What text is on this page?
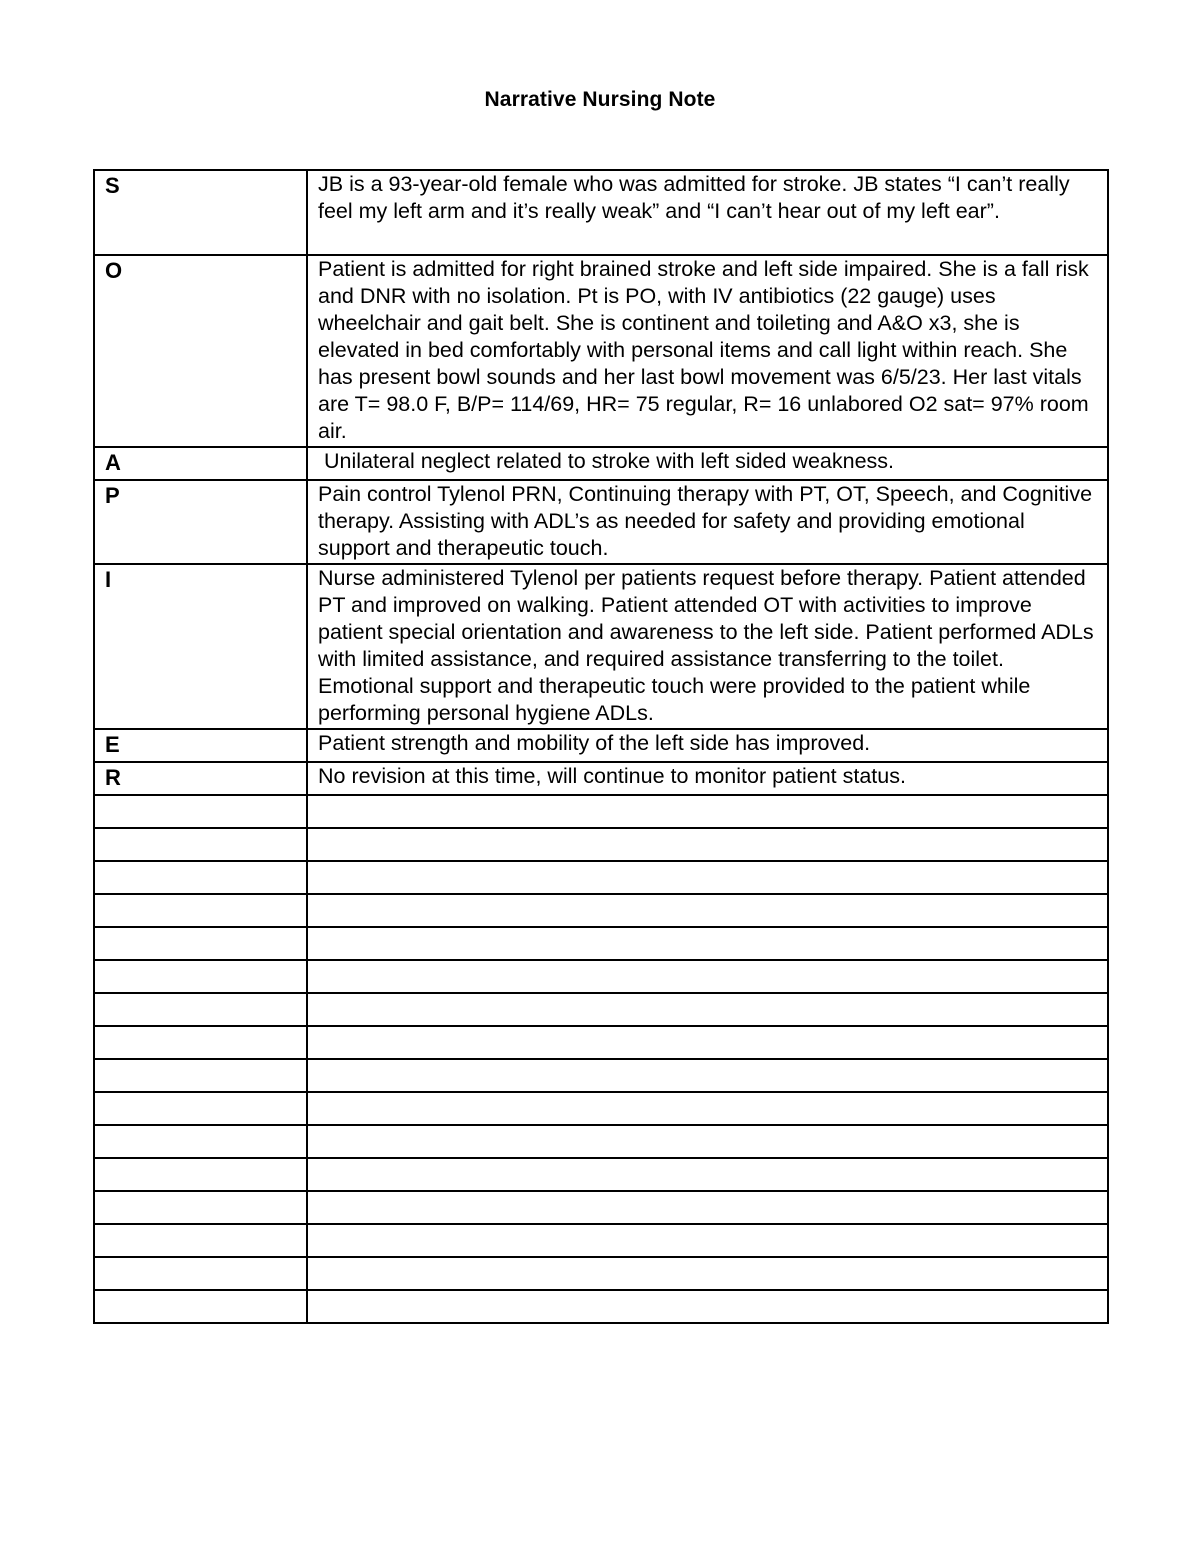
Narrative Nursing Note
S	JB is a 93-year-old female who was admitted for stroke. JB states “I can’t really feel my left arm and it’s really weak” and “I can’t hear out of my left ear”.
O	Patient is admitted for right brained stroke and left side impaired. She is a fall risk and DNR with no isolation. Pt is PO, with IV antibiotics (22 gauge) uses wheelchair and gait belt. She is continent and toileting and A&O x3, she is elevated in bed comfortably with personal items and call light within reach. She has present bowl sounds and her last bowl movement was 6/5/23. Her last vitals are T= 98.0 F, B/P= 114/69, HR= 75 regular, R= 16 unlabored O2 sat= 97% room air.
A	Unilateral neglect related to stroke with left sided weakness.
P	Pain control Tylenol PRN, Continuing therapy with PT, OT, Speech, and Cognitive therapy. Assisting with ADL’s as needed for safety and providing emotional support and therapeutic touch.
I	Nurse administered Tylenol per patients request before therapy. Patient attended PT and improved on walking. Patient attended OT with activities to improve patient special orientation and awareness to the left side. Patient performed ADLs with limited assistance, and required assistance transferring to the toilet. Emotional support and therapeutic touch were provided to the patient while performing personal hygiene ADLs.
E	Patient strength and mobility of the left side has improved.
R	No revision at this time, will continue to monitor patient status.
